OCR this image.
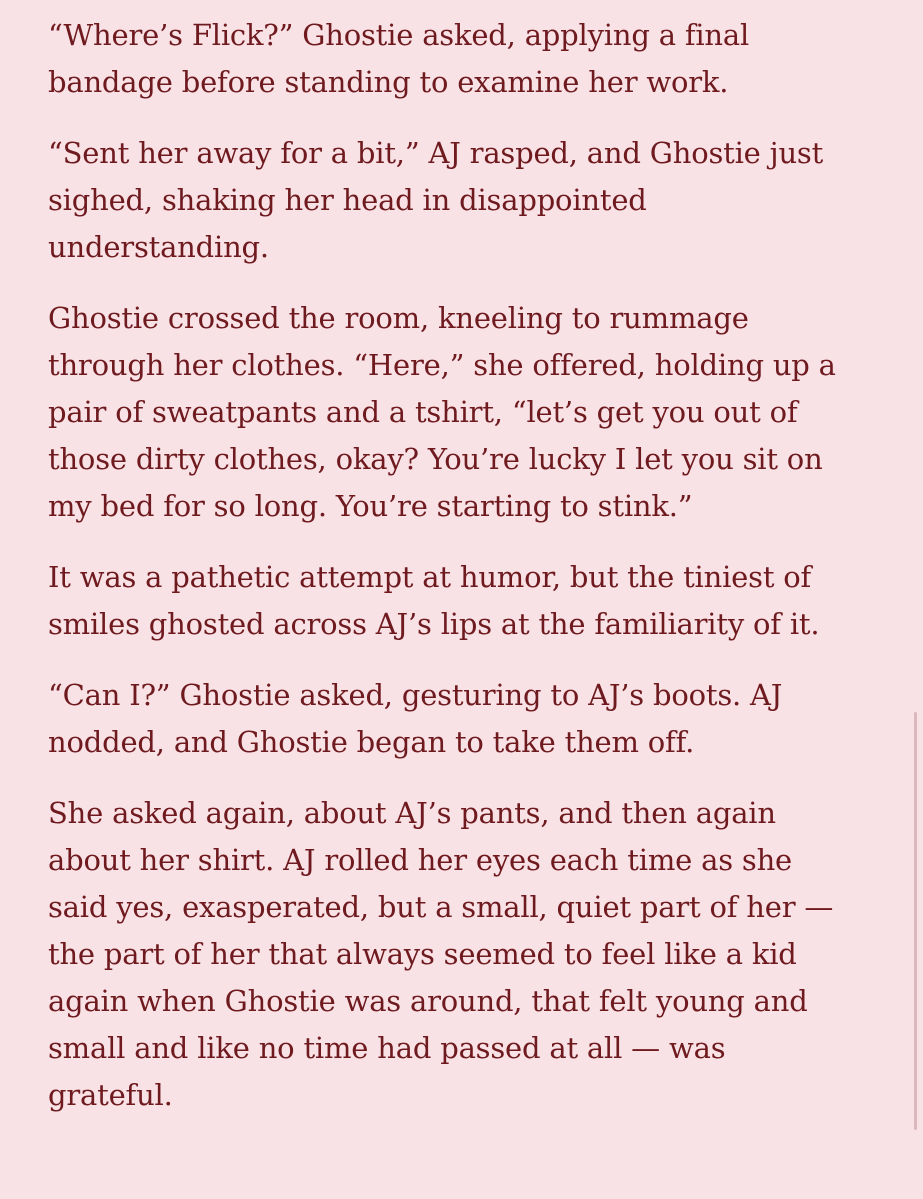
“Where’s Flick?” Ghostie asked, applying a final
bandage before standing to examine her work.

“Sent her away for a bit,” AJ rasped, and Ghostie just
sighed, shaking her head in disappointed
understanding.

Ghostie crossed the room, kneeling to rummage
through her clothes. “Here,” she offered, holding up a
pair of sweatpants and a tshirt, “let’s get you out of
those dirty clothes, okay? You’re lucky I let you sit on
my bed for so long. You’re starting to stink.”

It was a pathetic attempt at humor, but the tiniest of
smiles ghosted across AJ’s lips at the familiarity of it.

“Can I?” Ghostie asked, gesturing to AJ’s boots. AJ
nodded, and Ghostie began to take them off.

She asked again, about AJ’s pants, and then again
about her shirt. AJ rolled her eyes each time as she
said yes, exasperated, but a small, quiet part of her —
the part of her that always seemed to feel like a kid
again when Ghostie was around, that felt young and
small and like no time had passed at all — was
grateful.
